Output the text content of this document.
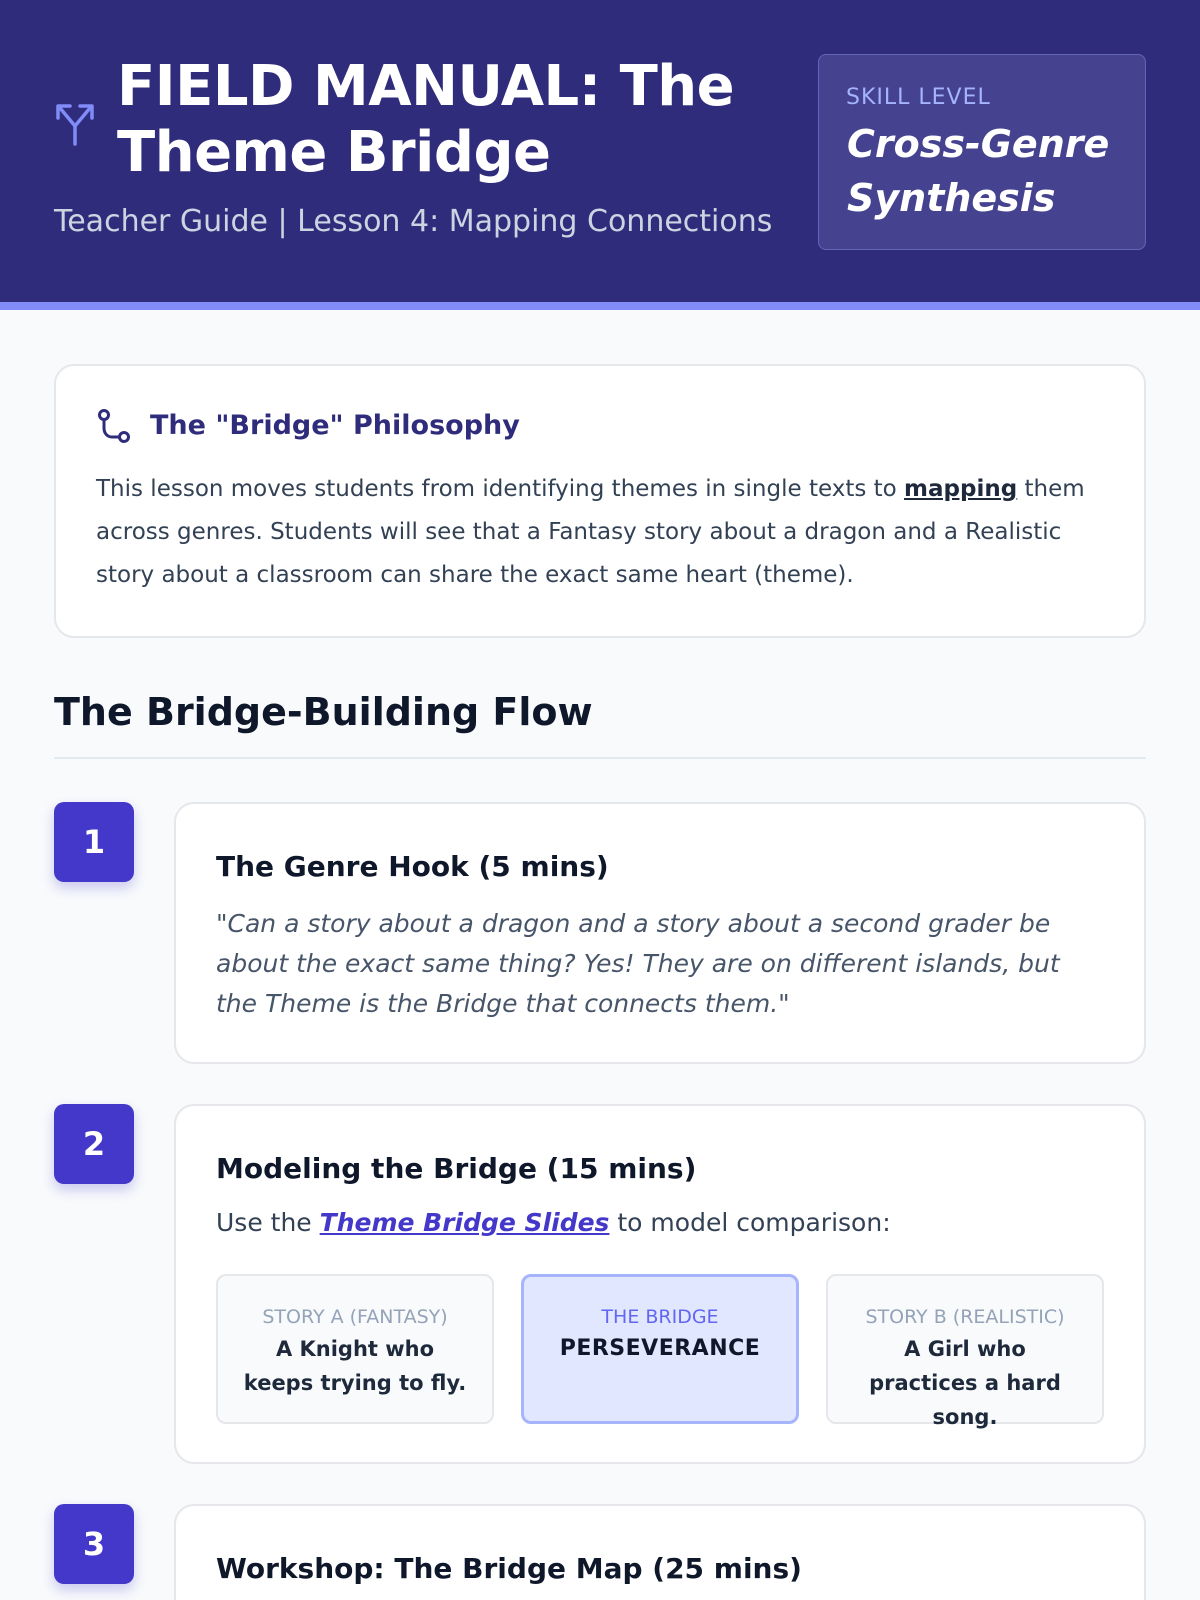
FIELD MANUAL: The Theme Bridge
Teacher Guide | Lesson 4: Mapping Connections
SKILL LEVEL
Cross-Genre Synthesis
The "Bridge" Philosophy

This lesson moves students from identifying themes in single texts to mapping them across genres. Students will see that a Fantasy story about a dragon and a Realistic story about a classroom can share the exact same heart (theme).

The Bridge-Building Flow
1
The Genre Hook (5 mins)

"Can a story about a dragon and a story about a second grader be about the exact same thing? Yes! They are on different islands, but the Theme is the Bridge that connects them."

2
Modeling the Bridge (15 mins)
Use the Theme Bridge Slides to model comparison:
STORY A (FANTASY)
A Knight who keeps trying to fly.
THE BRIDGE
PERSEVERANCE
STORY B (REALISTIC)
A Girl who practices a hard song.
3
Workshop: The Bridge Map (25 mins)
